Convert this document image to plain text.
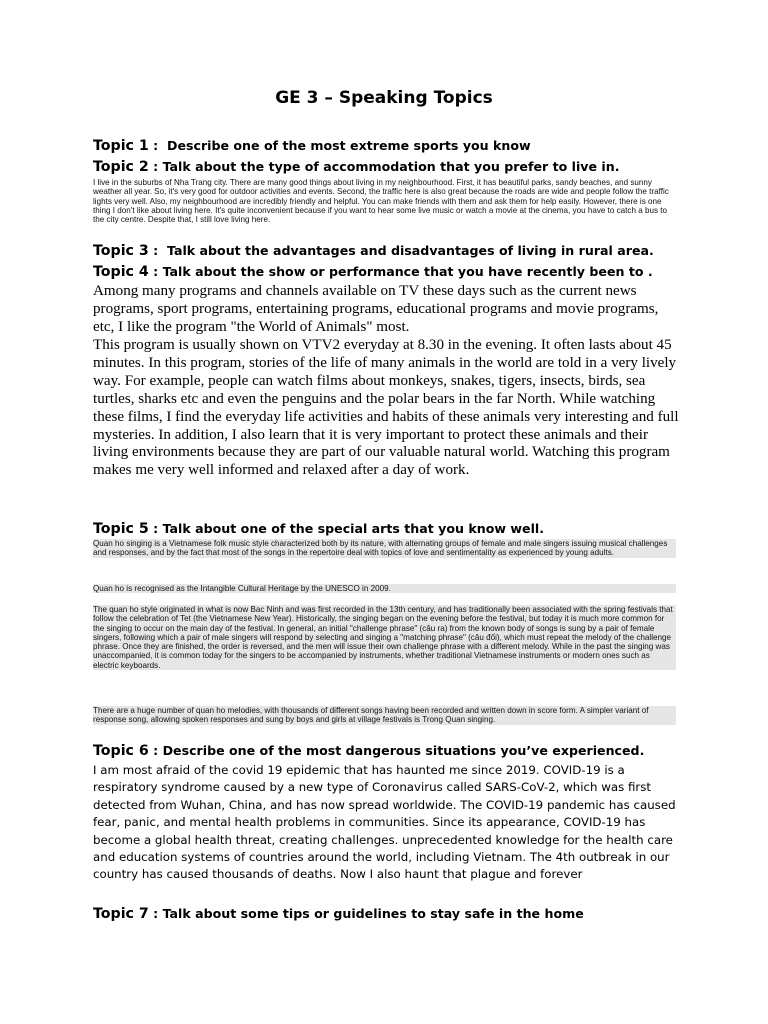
GE 3 – Speaking Topics

Topic 1 :  Describe one of the most extreme sports you know

Topic 2 : Talk about the type of accommodation that you prefer to live in.

I live in the suburbs of Nha Trang city. There are many good things about living in my neighbourhood. First, it has beautiful parks, sandy beaches, and sunny weather all year. So, it's very good for outdoor activities and events. Second, the traffic here is also great because the roads are wide and people follow the traffic lights very well. Also, my neighbourhood are incredibly friendly and helpful. You can make friends with them and ask them for help easily. However, there is one thing I don't like about living here. It's quite inconvenient because if you want to hear some live music or watch a movie at the cinema, you have to catch a bus to the city centre. Despite that, I still love living here.

Topic 3 :  Talk about the advantages and disadvantages of living in rural area.

Topic 4 : Talk about the show or performance that you have recently been to .

Among many programs and channels available on TV these days such as the current news programs, sport programs, entertaining programs, educational programs and movie programs, etc, I like the program "the World of Animals" most.

This program is usually shown on VTV2 everyday at 8.30 in the evening. It often lasts about 45 minutes. In this program, stories of the life of many animals in the world are told in a very lively way. For example, people can watch films about monkeys, snakes, tigers, insects, birds, sea turtles, sharks etc and even the penguins and the polar bears in the far North. While watching these films, I find the everyday life activities and habits of these animals very interesting and full mysteries. In addition, I also learn that it is very important to protect these animals and their living environments because they are part of our valuable natural world. Watching this program makes me very well informed and relaxed after a day of work.

Topic 5 : Talk about one of the special arts that you know well.

Quan ho singing is a Vietnamese folk music style characterized both by its nature, with alternating groups of female and male singers issuing musical challenges and responses, and by the fact that most of the songs in the repertoire deal with topics of love and sentimentality as experienced by young adults.

Quan ho is recognised as the Intangible Cultural Heritage by the UNESCO in 2009.

The quan ho style originated in what is now Bac Ninh and was first recorded in the 13th century, and has traditionally been associated with the spring festivals that follow the celebration of Tet (the Vietnamese New Year). Historically, the singing began on the evening before the festival, but today it is much more common for the singing to occur on the main day of the festival. In general, an initial "challenge phrase" (câu ra) from the known body of songs is sung by a pair of female singers, following which a pair of male singers will respond by selecting and singing a "matching phrase" (câu đối), which must repeat the melody of the challenge phrase. Once they are finished, the order is reversed, and the men will issue their own challenge phrase with a different melody. While in the past the singing was unaccompanied, it is common today for the singers to be accompanied by instruments, whether traditional Vietnamese instruments or modern ones such as electric keyboards.

There are a huge number of quan ho melodies, with thousands of different songs having been recorded and written down in score form. A simpler variant of response song, allowing spoken responses and sung by boys and girls at village festivals is Trong Quan singing.

Topic 6 : Describe one of the most dangerous situations you’ve experienced.

I am most afraid of the covid 19 epidemic that has haunted me since 2019. COVID-19 is a respiratory syndrome caused by a new type of Coronavirus called SARS-CoV-2, which was first detected from Wuhan, China, and has now spread worldwide. The COVID-19 pandemic has caused fear, panic, and mental health problems in communities. Since its appearance, COVID-19 has become a global health threat, creating challenges. unprecedented knowledge for the health care and education systems of countries around the world, including Vietnam. The 4th outbreak in our country has caused thousands of deaths. Now I also haunt that plague and forever

Topic 7 : Talk about some tips or guidelines to stay safe in the home
